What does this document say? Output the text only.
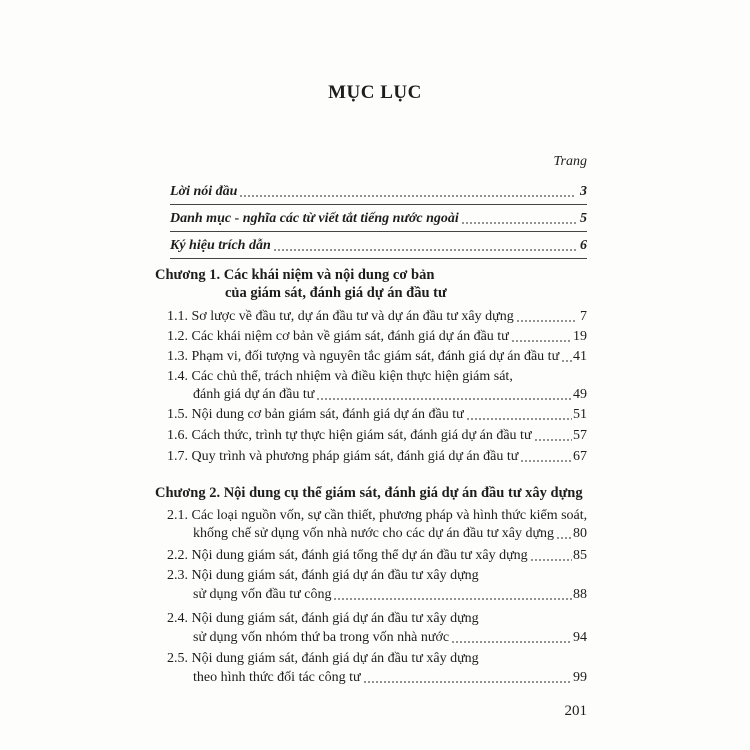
MỤC LỤC
Trang
Lời nói đầu	3
Danh mục - nghĩa các từ viết tắt tiếng nước ngoài	5
Ký hiệu trích dẫn	6
Chương 1. Các khái niệm và nội dung cơ bản
của giám sát, đánh giá dự án đầu tư
1.1. Sơ lược về đầu tư, dự án đầu tư và dự án đầu tư xây dựng	7
1.2. Các khái niệm cơ bản về giám sát, đánh giá dự án đầu tư	19
1.3. Phạm vi, đối tượng và nguyên tắc giám sát, đánh giá dự án đầu tư 41
1.4. Các chủ thể, trách nhiệm và điều kiện thực hiện giám sát,
đánh giá dự án đầu tư	49
1.5. Nội dung cơ bản giám sát, đánh giá dự án đầu tư	51
1.6. Cách thức, trình tự thực hiện giám sát, đánh giá dự án đầu tư	57
1.7. Quy trình và phương pháp giám sát, đánh giá dự án đầu tư	67
Chương 2. Nội dung cụ thể giám sát, đánh giá dự án đầu tư xây dựng
2.1. Các loại nguồn vốn, sự cần thiết, phương pháp và hình thức kiểm soát,
khống chế sử dụng vốn nhà nước cho các dự án đầu tư xây dựng 80
2.2. Nội dung giám sát, đánh giá tổng thể dự án đầu tư xây dựng	85
2.3. Nội dung giám sát, đánh giá dự án đầu tư xây dựng
sử dụng vốn đầu tư công	88
2.4. Nội dung giám sát, đánh giá dự án đầu tư xây dựng
sử dụng vốn nhóm thứ ba trong vốn nhà nước	94
2.5. Nội dung giám sát, đánh giá dự án đầu tư xây dựng
theo hình thức đối tác công tư	99
201
